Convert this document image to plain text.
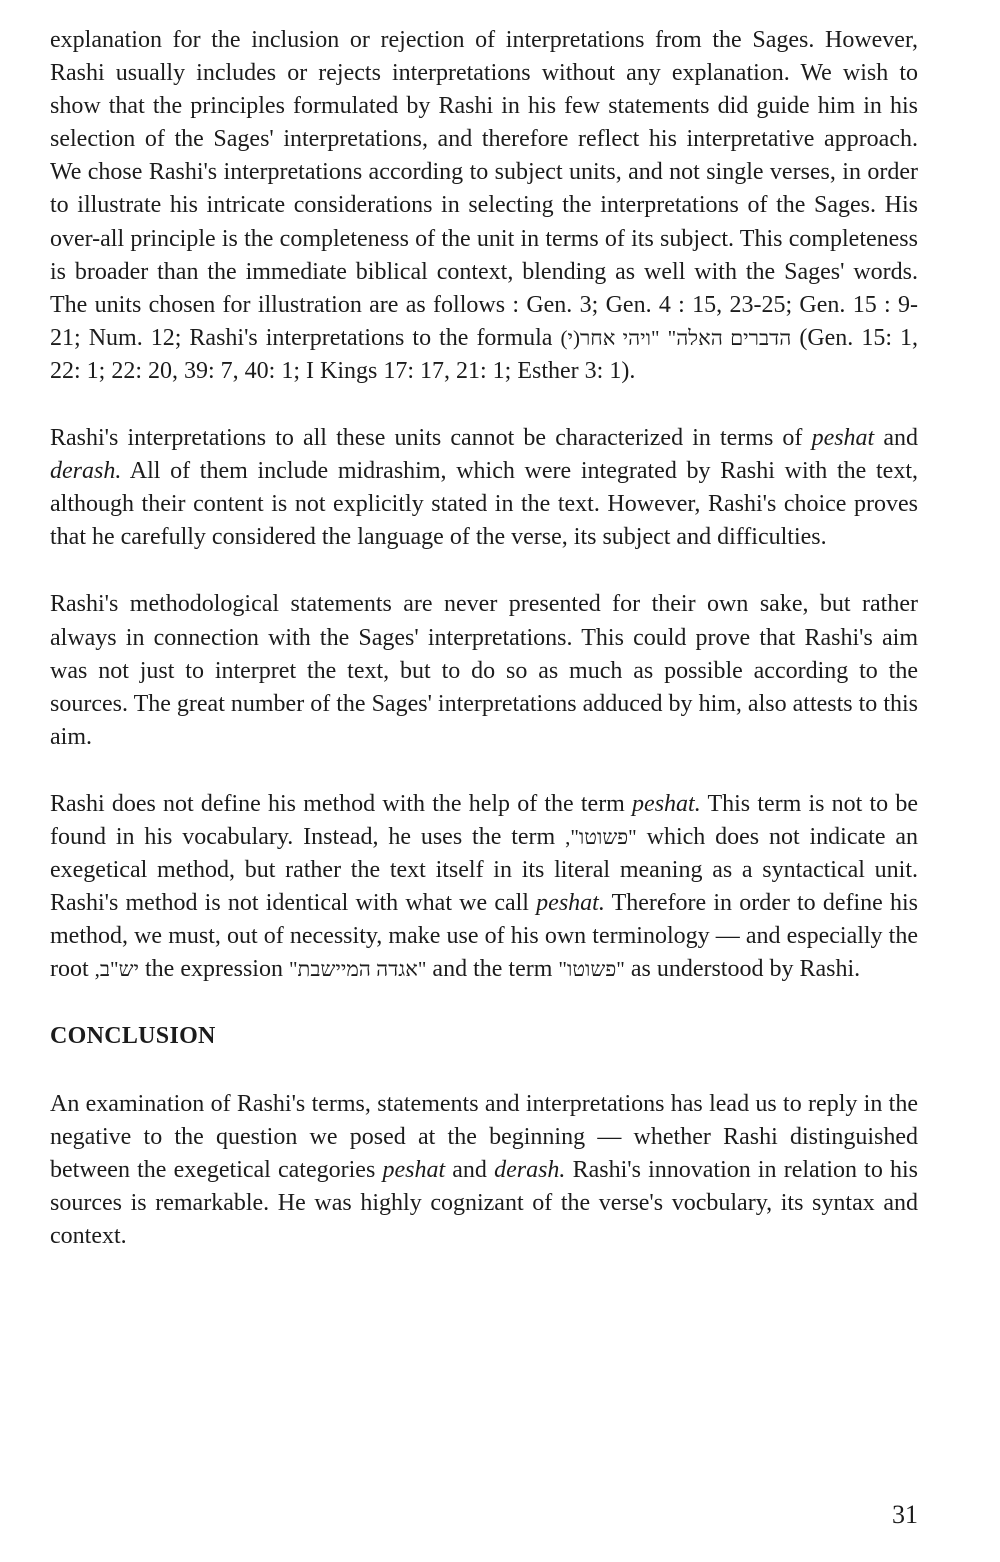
explanation for the inclusion or rejection of interpretations from the Sages. However, Rashi usually includes or rejects interpretations without any explanation. We wish to show that the principles formulated by Rashi in his few statements did guide him in his selection of the Sages' interpretations, and therefore reflect his interpretative approach. We chose Rashi's interpretations according to subject units, and not single verses, in order to illustrate his intricate considerations in selecting the interpretations of the Sages. His over-all principle is the completeness of the unit in terms of its subject. This completeness is broader than the immediate biblical context, blending as well with the Sages' words. The units chosen for illustration are as follows : Gen. 3; Gen. 4 : 15, 23-25; Gen. 15 : 9-21; Num. 12; Rashi's interpretations to the formula "ויהי אחר(י) הדברים האלה" (Gen. 15: 1, 22: 1; 22: 20, 39: 7, 40: 1; I Kings 17: 17, 21: 1; Esther 3: 1).

Rashi's interpretations to all these units cannot be characterized in terms of peshat and derash. All of them include midrashim, which were integrated by Rashi with the text, although their content is not explicitly stated in the text. However, Rashi's choice proves that he carefully considered the language of the verse, its subject and difficulties.

Rashi's methodological statements are never presented for their own sake, but rather always in connection with the Sages' interpretations. This could prove that Rashi's aim was not just to interpret the text, but to do so as much as possible according to the sources. The great number of the Sages' interpretations adduced by him, also attests to this aim.

Rashi does not define his method with the help of the term peshat. This term is not to be found in his vocabulary. Instead, he uses the term "פשוטו", which does not indicate an exegetical method, but rather the text itself in its literal meaning as a syntactical unit. Rashi's method is not identical with what we call peshat. Therefore in order to define his method, we must, out of necessity, make use of his own terminology — and especially the root יש"ב, the expression "אגדה המיישבת" and the term "פשוטו" as understood by Rashi.

CONCLUSION

An examination of Rashi's terms, statements and interpretations has lead us to reply in the negative to the question we posed at the beginning — whether Rashi distinguished between the exegetical categories peshat and derash. Rashi's innovation in relation to his sources is remarkable. He was highly cognizant of the verse's vocbulary, its syntax and context.

31
